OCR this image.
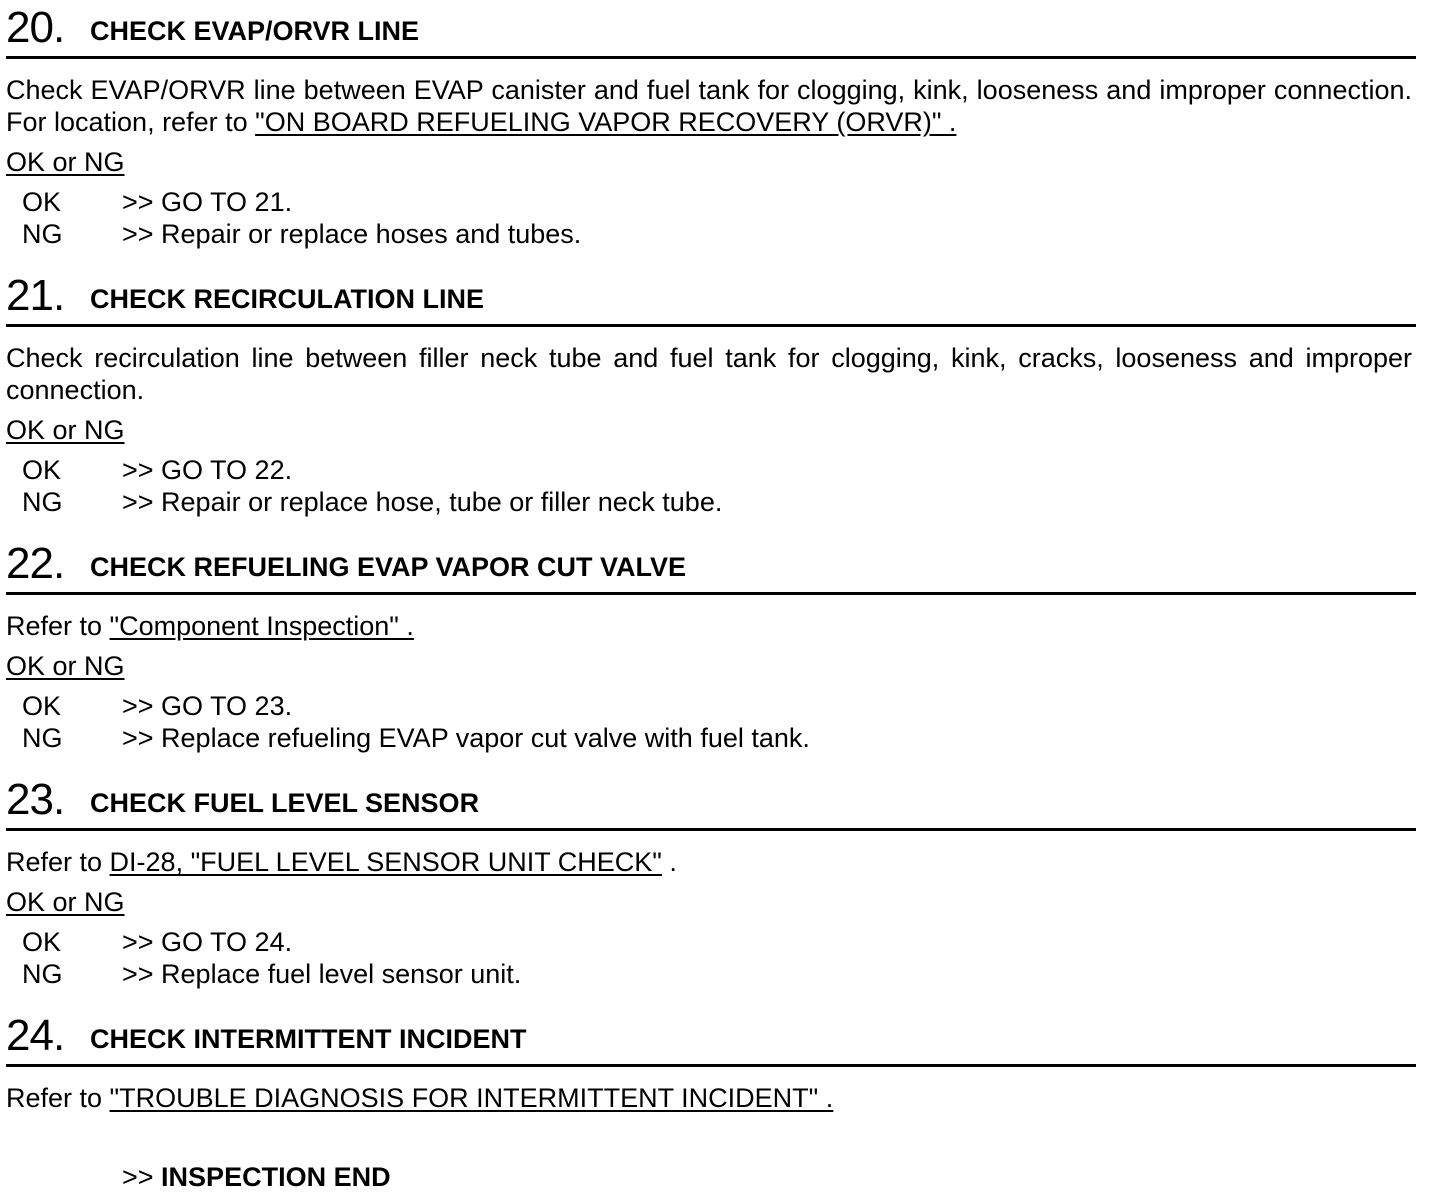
20. CHECK EVAP/ORVR LINE
Check EVAP/ORVR line between EVAP canister and fuel tank for clogging, kink, looseness and improper connection. For location, refer to "ON BOARD REFUELING VAPOR RECOVERY (ORVR)" .
OK or NG
OK >> GO TO 21.
NG >> Repair or replace hoses and tubes.
21. CHECK RECIRCULATION LINE
Check recirculation line between filler neck tube and fuel tank for clogging, kink, cracks, looseness and improper connection.
OK or NG
OK >> GO TO 22.
NG >> Repair or replace hose, tube or filler neck tube.
22. CHECK REFUELING EVAP VAPOR CUT VALVE
Refer to "Component Inspection" .
OK or NG
OK >> GO TO 23.
NG >> Replace refueling EVAP vapor cut valve with fuel tank.
23. CHECK FUEL LEVEL SENSOR
Refer to DI-28, "FUEL LEVEL SENSOR UNIT CHECK" .
OK or NG
OK >> GO TO 24.
NG >> Replace fuel level sensor unit.
24. CHECK INTERMITTENT INCIDENT
Refer to "TROUBLE DIAGNOSIS FOR INTERMITTENT INCIDENT" .
>> INSPECTION END
